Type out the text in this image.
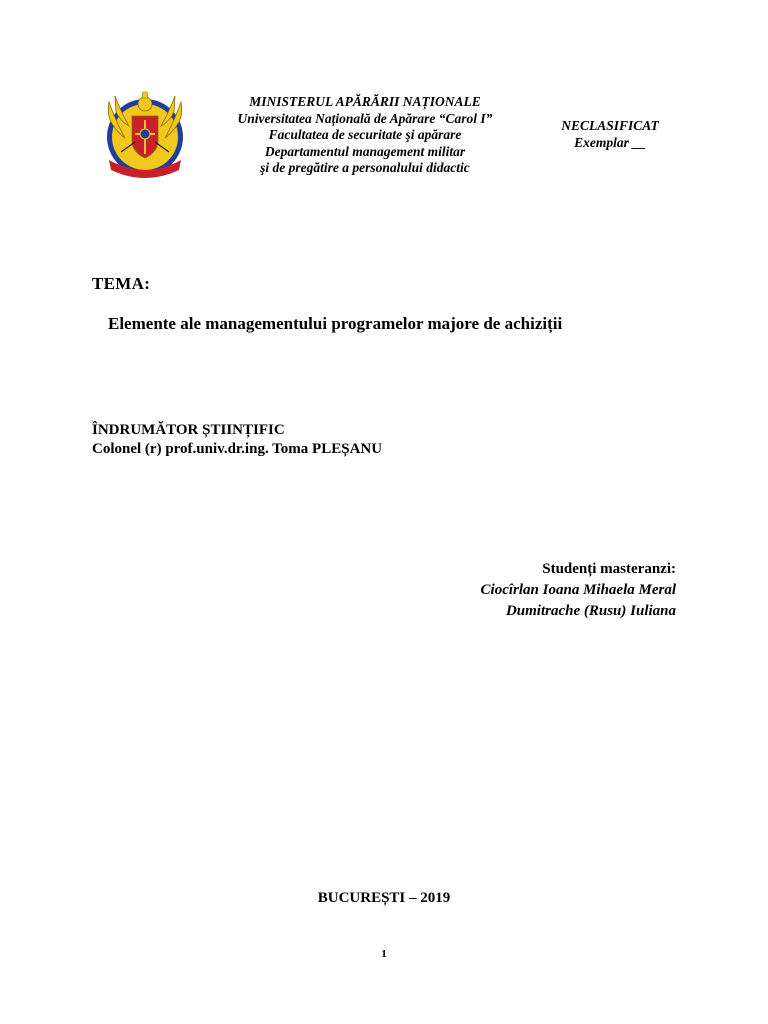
MINISTERUL APĂRĂRII NAȚIONALE
Universitatea Națională de Apărare “Carol I”
Facultatea de securitate şi apărare
Departamentul management militar
şi de pregătire a personalului didactic
NECLASIFICAT
Exemplar __
TEMA:
Elemente ale managementului programelor majore de achiziții
ÎNDRUMĂTOR ȘTIINȚIFIC
Colonel (r) prof.univ.dr.ing. Toma PLEȘANU
Studenți masteranzi:
Ciocîrlan Ioana Mihaela Meral
Dumitrache (Rusu) Iuliana
BUCUREȘTI – 2019
1
